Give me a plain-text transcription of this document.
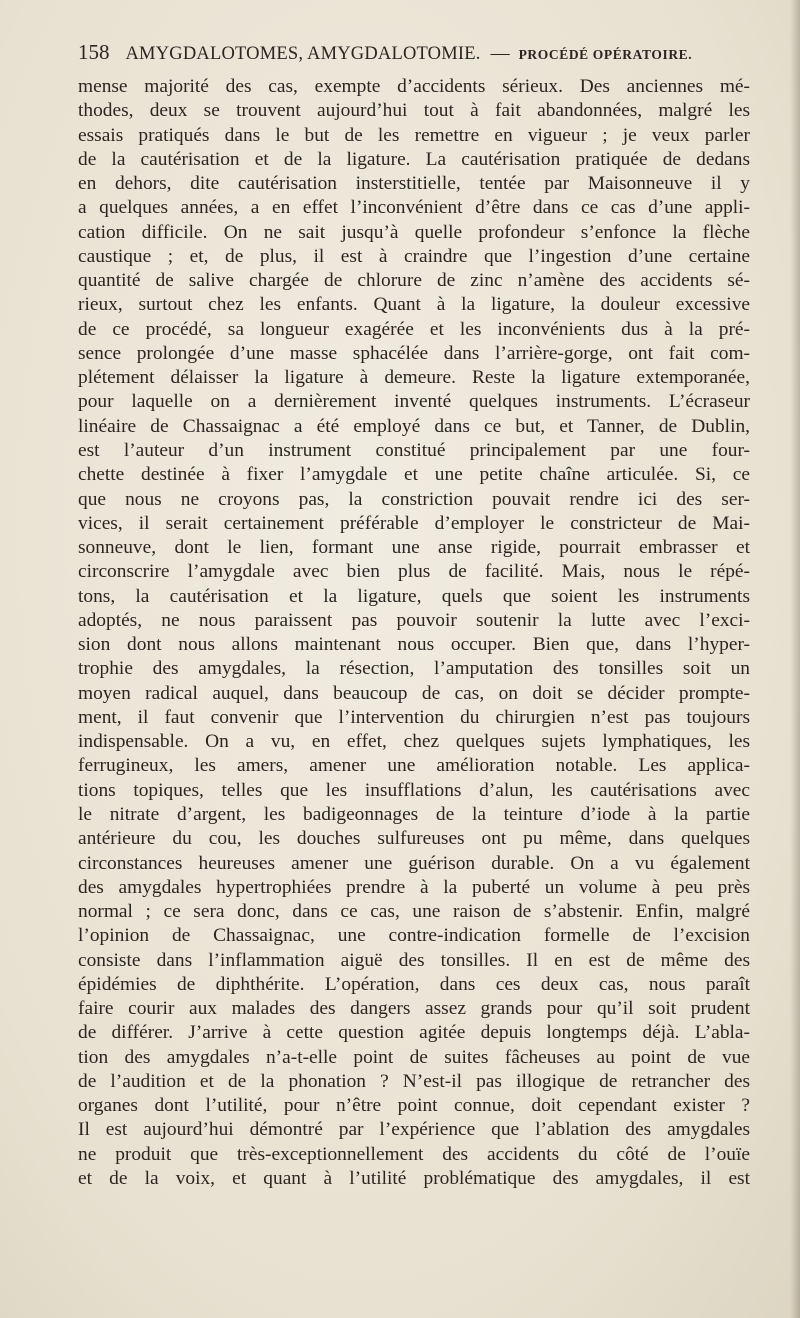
158 AMYGDALOTOMES, AMYGDALOTOMIE. — PROCÉDÉ OPÉRATOIRE.
mense majorité des cas, exempte d’accidents sérieux. Des anciennes mé-
thodes, deux se trouvent aujourd’hui tout à fait abandonnées, malgré les
essais pratiqués dans le but de les remettre en vigueur ; je veux parler
de la cautérisation et de la ligature. La cautérisation pratiquée de dedans
en dehors, dite cautérisation insterstitielle, tentée par Maisonneuve il y
a quelques années, a en effet l’inconvénient d’être dans ce cas d’une appli-
cation difficile. On ne sait jusqu’à quelle profondeur s’enfonce la flèche
caustique ; et, de plus, il est à craindre que l’ingestion d’une certaine
quantité de salive chargée de chlorure de zinc n’amène des accidents sé-
rieux, surtout chez les enfants. Quant à la ligature, la douleur excessive
de ce procédé, sa longueur exagérée et les inconvénients dus à la pré-
sence prolongée d’une masse sphacélée dans l’arrière-gorge, ont fait com-
plétement délaisser la ligature à demeure. Reste la ligature extemporanée,
pour laquelle on a dernièrement inventé quelques instruments. L’écraseur
linéaire de Chassaignac a été employé dans ce but, et Tanner, de Dublin,
est l’auteur d’un instrument constitué principalement par une four-
chette destinée à fixer l’amygdale et une petite chaîne articulée. Si, ce
que nous ne croyons pas, la constriction pouvait rendre ici des ser-
vices, il serait certainement préférable d’employer le constricteur de Mai-
sonneuve, dont le lien, formant une anse rigide, pourrait embrasser et
circonscrire l’amygdale avec bien plus de facilité. Mais, nous le répé-
tons, la cautérisation et la ligature, quels que soient les instruments
adoptés, ne nous paraissent pas pouvoir soutenir la lutte avec l’exci-
sion dont nous allons maintenant nous occuper. Bien que, dans l’hyper-
trophie des amygdales, la résection, l’amputation des tonsilles soit un
moyen radical auquel, dans beaucoup de cas, on doit se décider prompte-
ment, il faut convenir que l’intervention du chirurgien n’est pas toujours
indispensable. On a vu, en effet, chez quelques sujets lymphatiques, les
ferrugineux, les amers, amener une amélioration notable. Les applica-
tions topiques, telles que les insufflations d’alun, les cautérisations avec
le nitrate d’argent, les badigeonnages de la teinture d’iode à la partie
antérieure du cou, les douches sulfureuses ont pu même, dans quelques
circonstances heureuses amener une guérison durable. On a vu également
des amygdales hypertrophiées prendre à la puberté un volume à peu près
normal ; ce sera donc, dans ce cas, une raison de s’abstenir. Enfin, malgré
l’opinion de Chassaignac, une contre-indication formelle de l’excision
consiste dans l’inflammation aiguë des tonsilles. Il en est de même des
épidémies de diphthérite. L’opération, dans ces deux cas, nous paraît
faire courir aux malades des dangers assez grands pour qu’il soit prudent
de différer. J’arrive à cette question agitée depuis longtemps déjà. L’abla-
tion des amygdales n’a-t-elle point de suites fâcheuses au point de vue
de l’audition et de la phonation ? N’est-il pas illogique de retrancher des
organes dont l’utilité, pour n’être point connue, doit cependant exister ?
Il est aujourd’hui démontré par l’expérience que l’ablation des amygdales
ne produit que très-exceptionnellement des accidents du côté de l’ouïe
et de la voix, et quant à l’utilité problématique des amygdales, il est
